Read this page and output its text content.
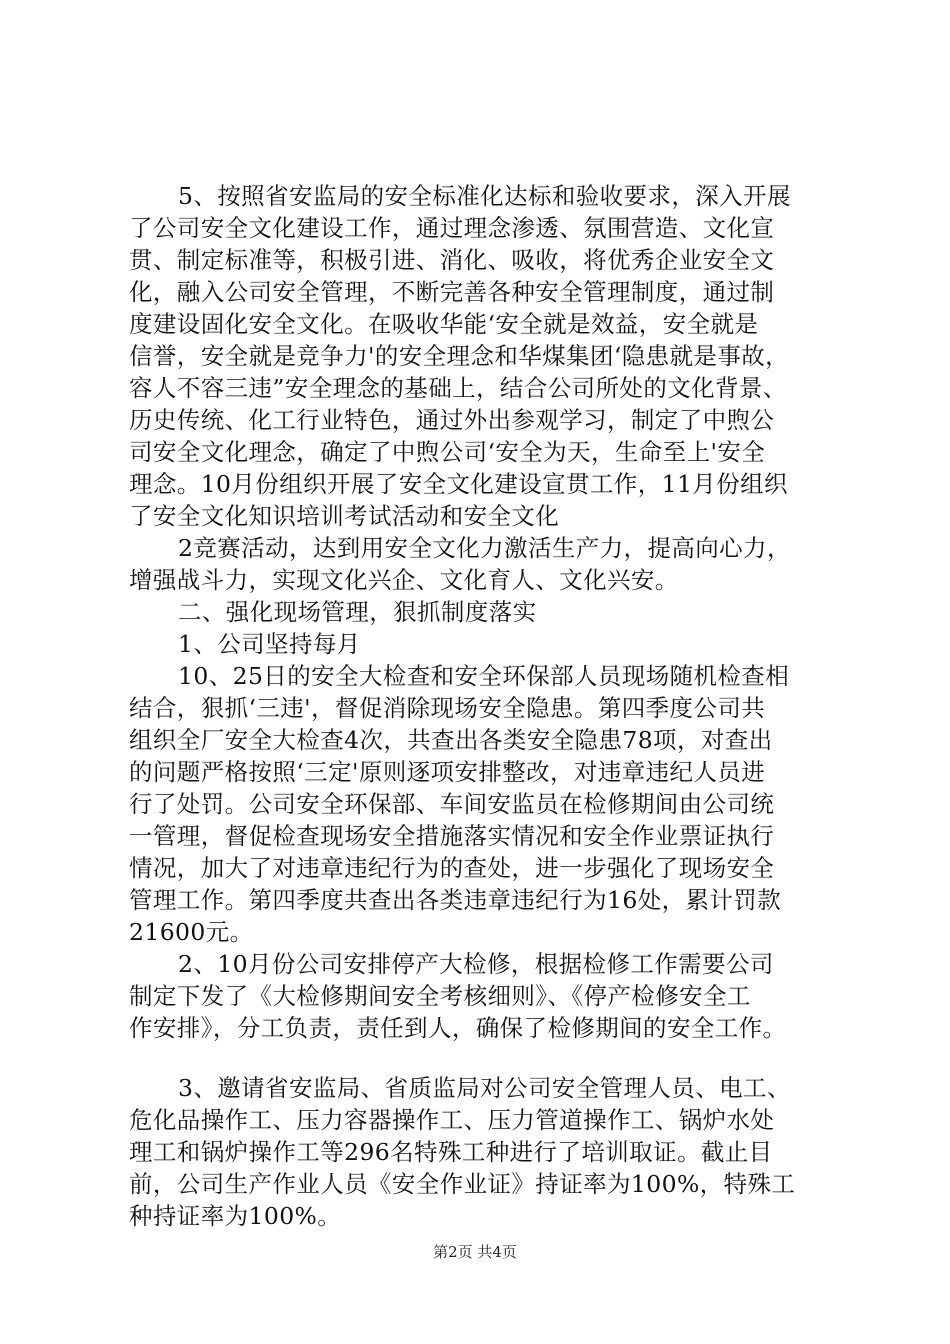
5、按照省安监局的安全标准化达标和验收要求，深入开展
了公司安全文化建设工作，通过理念渗透、氛围营造、文化宣
贯、制定标准等，积极引进、消化、吸收，将优秀企业安全文
化，融入公司安全管理，不断完善各种安全管理制度，通过制
度建设固化安全文化。在吸收华能‘安全就是效益，安全就是
信誉，安全就是竞争力'的安全理念和华煤集团‘隐患就是事故，
容人不容三违”安全理念的基础上，结合公司所处的文化背景、
历史传统、化工行业特色，通过外出参观学习，制定了中煦公
司安全文化理念，确定了中煦公司‘安全为天，生命至上'安全
理念。10月份组织开展了安全文化建设宣贯工作，11月份组织
了安全文化知识培训考试活动和安全文化
2竞赛活动，达到用安全文化力激活生产力，提高向心力，
增强战斗力，实现文化兴企、文化育人、文化兴安。
二、强化现场管理，狠抓制度落实
1、公司坚持每月
10、25日的安全大检查和安全环保部人员现场随机检查相
结合，狠抓‘三违'，督促消除现场安全隐患。第四季度公司共
组织全厂安全大检查4次，共查出各类安全隐患78项，对查出
的问题严格按照‘三定'原则逐项安排整改，对违章违纪人员进
行了处罚。公司安全环保部、车间安监员在检修期间由公司统
一管理，督促检查现场安全措施落实情况和安全作业票证执行
情况，加大了对违章违纪行为的查处，进一步强化了现场安全
管理工作。第四季度共查出各类违章违纪行为16处，累计罚款
21600元。
2、10月份公司安排停产大检修，根据检修工作需要公司
制定下发了《大检修期间安全考核细则》、《停产检修安全工
作安排》，分工负责，责任到人，确保了检修期间的安全工作。
3、邀请省安监局、省质监局对公司安全管理人员、电工、
危化品操作工、压力容器操作工、压力管道操作工、锅炉水处
理工和锅炉操作工等296名特殊工种进行了培训取证。截止目
前，公司生产作业人员《安全作业证》持证率为100%，特殊工
种持证率为100%。
第2页 共4页
